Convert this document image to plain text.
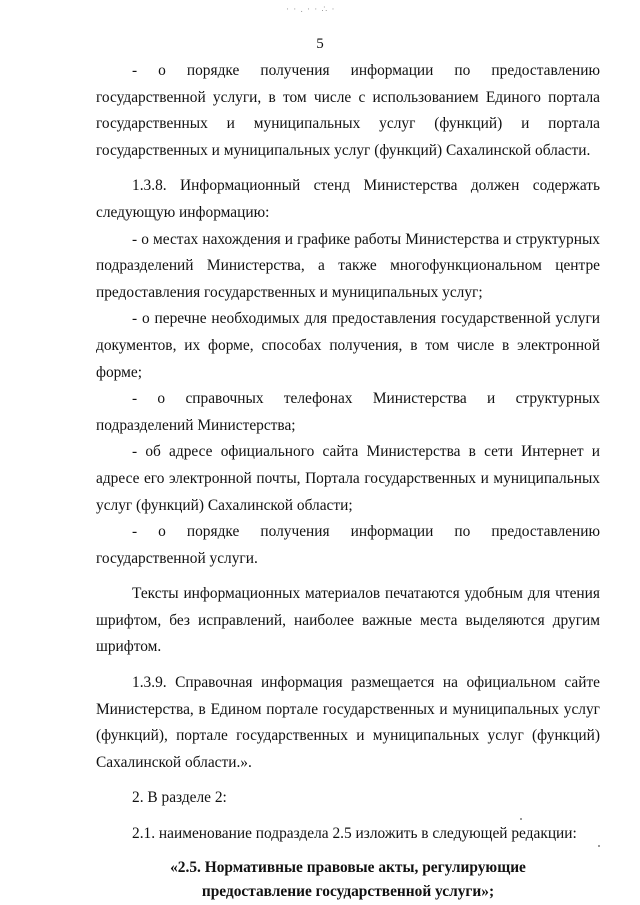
· · . · · ∴ ·
5

- о порядке получения информации по предоставлению государственной услуги, в том числе с использованием Единого портала государственных и муниципальных услуг (функций) и портала государственных и муниципальных услуг (функций) Сахалинской области.

1.3.8. Информационный стенд Министерства должен содержать следующую информацию:

- о местах нахождения и графике работы Министерства и структурных подразделений Министерства, а также многофункциональном центре предоставления государственных и муниципальных услуг;

- о перечне необходимых для предоставления государственной услуги документов, их форме, способах получения, в том числе в электронной форме;

- о справочных телефонах Министерства и структурных подразделений Министерства;

- об адресе официального сайта Министерства в сети Интернет и адресе его электронной почты, Портала государственных и муниципальных услуг (функций) Сахалинской области;

- о порядке получения информации по предоставлению государственной услуги.

Тексты информационных материалов печатаются удобным для чтения шрифтом, без исправлений, наиболее важные места выделяются другим шрифтом.

1.3.9. Справочная информация размещается на официальном сайте Министерства, в Едином портале государственных и муниципальных услуг (функций), портале государственных и муниципальных услуг (функций) Сахалинской области.».

2. В разделе 2:

2.1. наименование подраздела 2.5 изложить в следующей редакции:

«2.5. Нормативные правовые акты, регулирующие
предоставление государственной услуги»;
